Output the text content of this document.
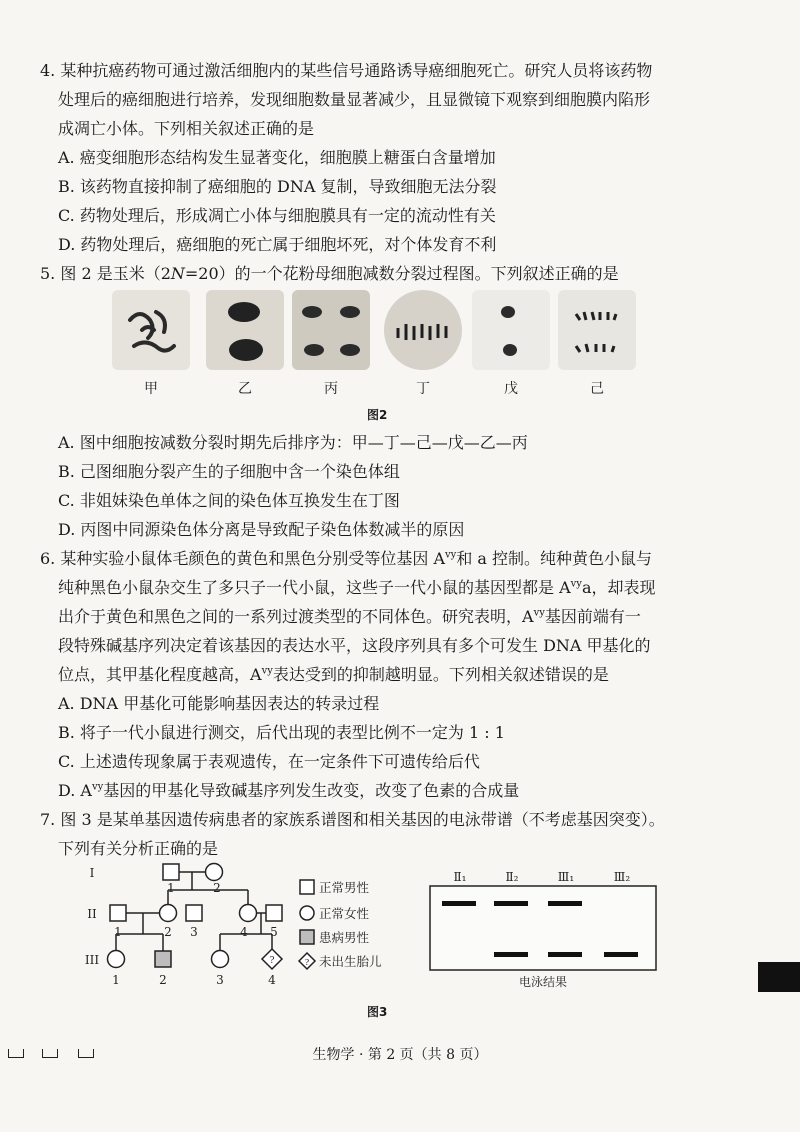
4. 某种抗癌药物可通过激活细胞内的某些信号通路诱导癌细胞死亡。研究人员将该药物
处理后的癌细胞进行培养，发现细胞数量显著减少，且显微镜下观察到细胞膜内陷形
成凋亡小体。下列相关叙述正确的是
A. 癌变细胞形态结构发生显著变化，细胞膜上糖蛋白含量增加
B. 该药物直接抑制了癌细胞的 DNA 复制，导致细胞无法分裂
C. 药物处理后，形成凋亡小体与细胞膜具有一定的流动性有关
D. 药物处理后，癌细胞的死亡属于细胞坏死，对个体发育不利
5. 图 2 是玉米（2N=20）的一个花粉母细胞减数分裂过程图。下列叙述正确的是
甲	乙	丙	丁	戊	己
图2
A. 图中细胞按减数分裂时期先后排序为：甲—丁—己—戊—乙—丙
B. 己图细胞分裂产生的子细胞中含一个染色体组
C. 非姐妹染色单体之间的染色体互换发生在丁图
D. 丙图中同源染色体分离是导致配子染色体数减半的原因
6. 某种实验小鼠体毛颜色的黄色和黑色分别受等位基因 $A^{vy}$和 a 控制。纯种黄色小鼠与
纯种黑色小鼠杂交生了多只子一代小鼠，这些子一代小鼠的基因型都是 $A^{vy}a$，却表现
出介于黄色和黑色之间的一系列过渡类型的不同体色。研究表明，$A^{vy}$基因前端有一
段特殊碱基序列决定着该基因的表达水平，这段序列具有多个可发生 DNA 甲基化的
位点，其甲基化程度越高，$A^{vy}$表达受到的抑制越明显。下列相关叙述错误的是
A. DNA 甲基化可能影响基因表达的转录过程
B. 将子一代小鼠进行测交，后代出现的表型比例不一定为 1 : 1
C. 上述遗传现象属于表观遗传，在一定条件下可遗传给后代
D. $A^{vy}$基因的甲基化导致碱基序列发生改变，改变了色素的合成量
7. 图 3 是某单基因遗传病患者的家族系谱图和相关基因的电泳带谱（不考虑基因突变）。
下列有关分析正确的是
I
II
III
1	2
1	2 3	4 5
1	2	3	4
?
正常男性
正常女性
患病男性
未出生胎儿
?
Ⅱ₁	Ⅱ₂	Ⅲ₁	Ⅲ₂
电泳结果
图3
生物学 · 第 2 页（共 8 页）
